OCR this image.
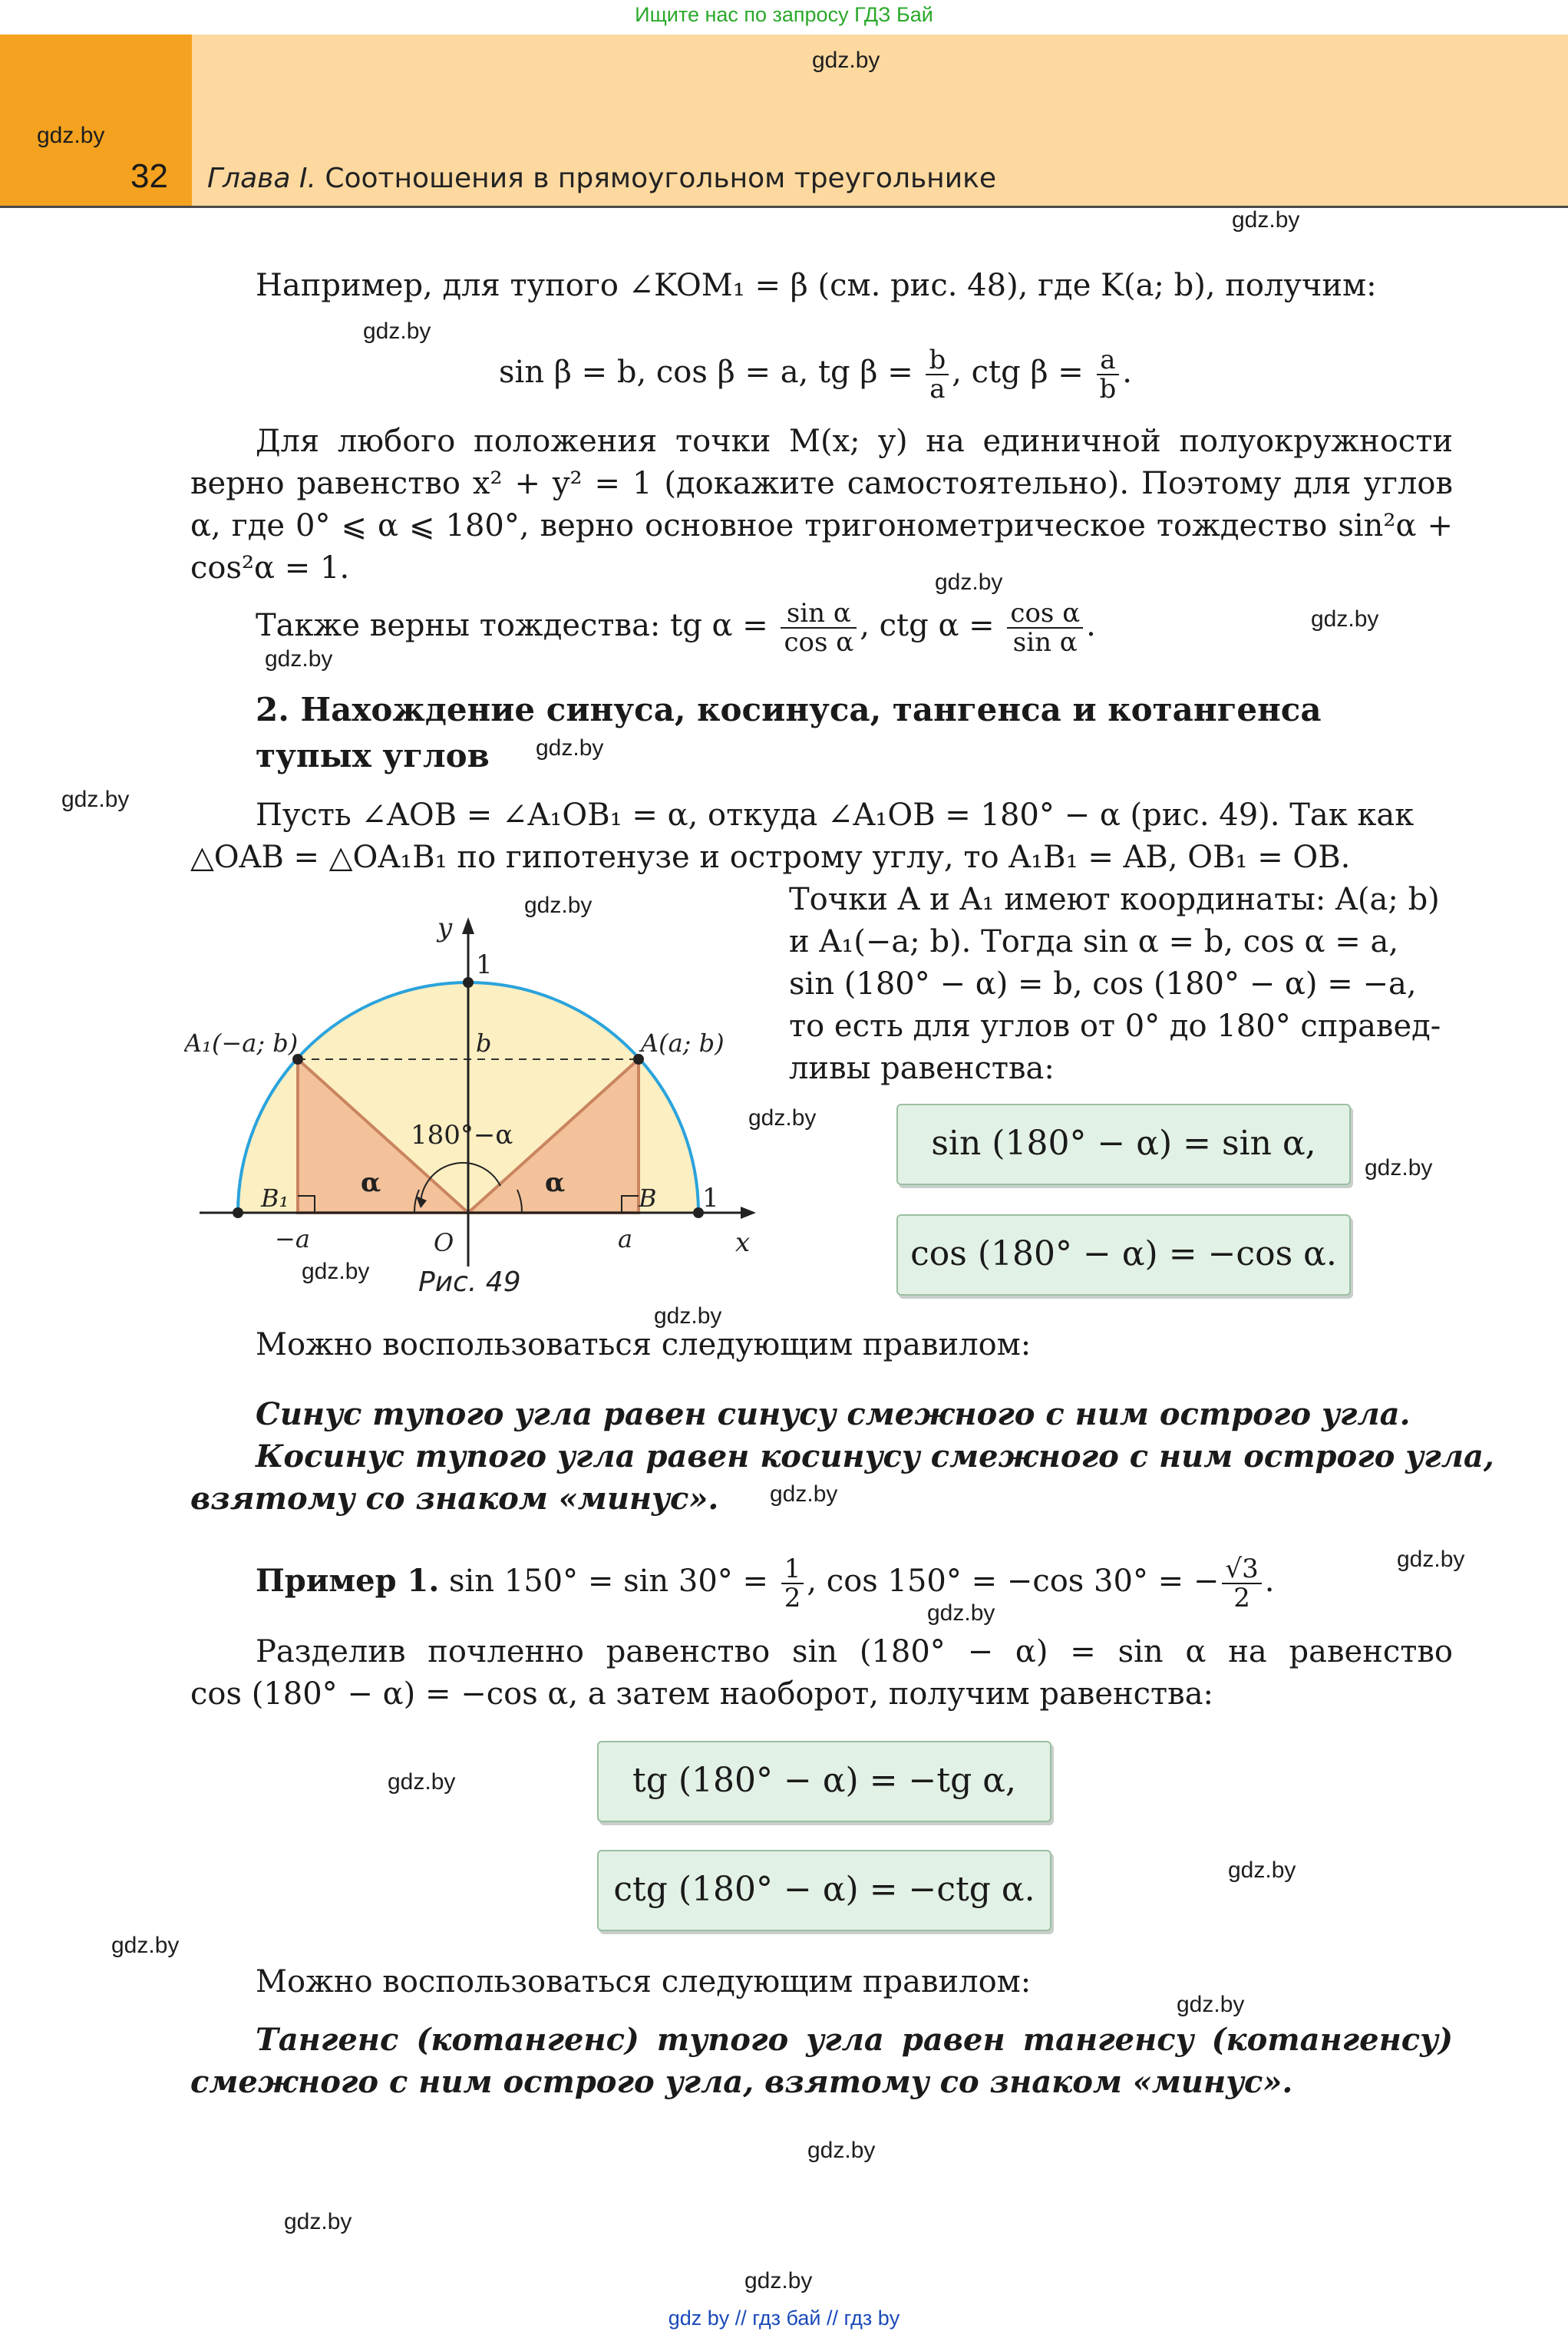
Ищите нас по запросу ГДЗ Бай
gdz.by
gdz.by
32 Глава I. Соотношения в прямоугольном треугольнике
gdz.by
Например, для тупого ∠KOM₁ = β (см. рис. 48), где K(a; b), получим:
gdz.by
sin β = b, cos β = a, tg $\beta = \frac{b}{a}$ , ctg $\beta = \frac{a}{b}$ .
Для любого положения точки M(x; y) на единичной полуокружности верно равенство x² + y² = 1 (докажите самостоятельно). Поэтому для углов α, где 0° ⩽ α ⩽ 180°, верно основное тригонометрическое тождество sin²α + cos²α = 1.	gdz.by
Также верны тождества: tg $\alpha = \frac{\text{sin α}}{\text{cos α}}$ , ctg $\alpha = \frac{\text{cos α}}{\text{sin α}}$ .	gdz.by
gdz.by
2. Нахождение синуса, косинуса, тангенса и котангенса
тупых углов gdz.by
gdz.by	Пусть ∠AOB = ∠A₁OB₁ = α, откуда ∠A₁OB = 180° − α (рис. 49). Так как
△OAB = △OA₁B₁ по гипотенузе и острому углу, то A₁B₁ = AB, OB₁ = OB.
gdz.by	Точки A и A₁ имеют координаты: A(a; b)
и A₁(−a; b). Тогда sin α = b, cos α = a,
sin (180° − α) = b, cos (180° − α) = −a,
то есть для углов от 0° до 180° справед-
ливы равенства:
y
1
A₁(−a; b)	A(a; b)
b
180°−α
α	α
B₁	B 1
−a	O	a	x
Рис. 49
gdz.by
gdz.by
sin (180° − α) = sin α,
cos (180° − α) = −cos α.
gdz.by
gdz.by
Можно воспользоваться следующим правилом:
Синус тупого угла равен синусу смежного с ним острого угла.
Косинус тупого угла равен косинусу смежного с ним острого угла,
взятому со знаком «минус».	gdz.by
Пример 1. $\sin 150^\circ = \sin 30^\circ = \frac{1}{2}$ , cos 150° = −cos 30° = − $\frac{√3}{2}$ .
gdz.by
gdz.by
Разделив почленно равенство sin (180° − α) = sin α на равенство
cos (180° − α) = −cos α, а затем наоборот, получим равенства:
tg (180° − α) = −tg α,
ctg (180° − α) = −ctg α.
gdz.by
gdz.by
gdz.by
Можно воспользоваться следующим правилом:
gdz.by
Тангенс (котангенс) тупого угла равен тангенсу (котангенсу)
смежного с ним острого угла, взятому со знаком «минус».
gdz.by
gdz.by
gdz.by
gdz by // гдз бай // гдз by
